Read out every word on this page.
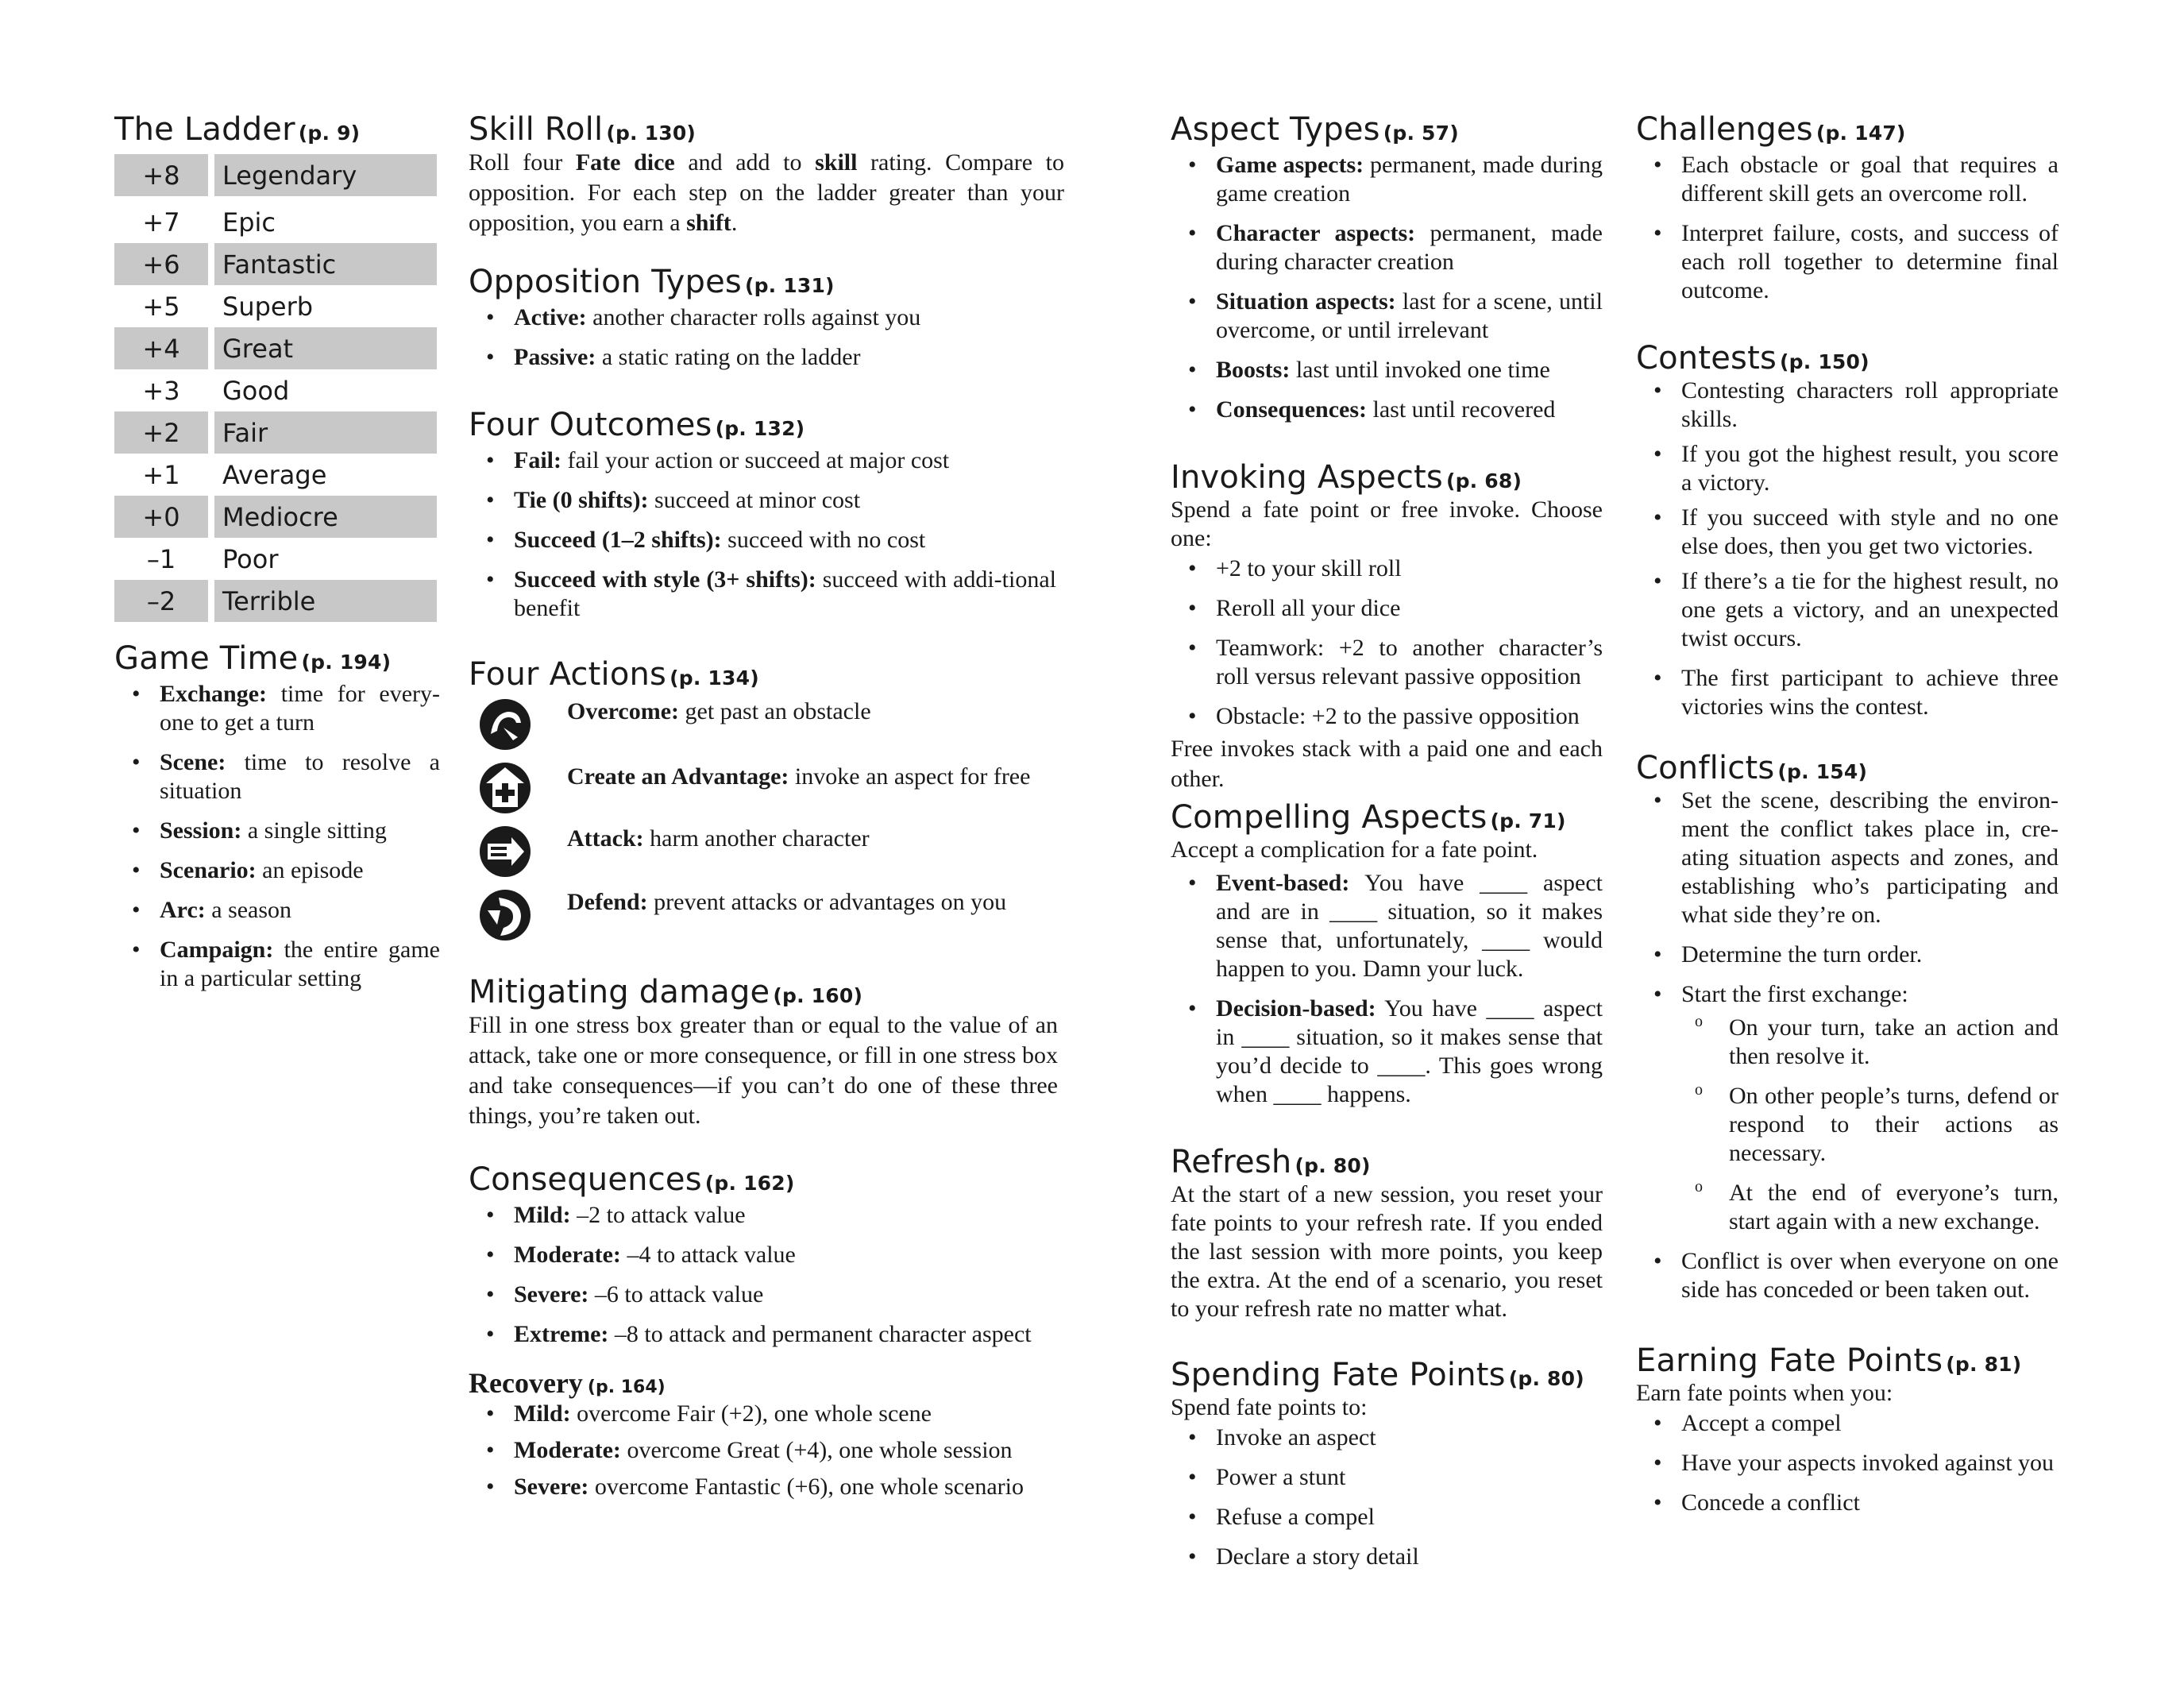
The Ladder (p. 9)
+8	Legendary
+7	Epic
+6	Fantastic
+5	Superb
+4	Great
+3	Good
+2	Fair
+1	Average
+0	Mediocre
–1	Poor
–2	Terrible
Game Time (p. 194)
• Exchange: time for every-one to get a turn
• Scene: time to resolve a situation
• Session: a single sitting
• Scenario: an episode
• Arc: a season
• Campaign: the entire game in a particular setting
Skill Roll (p. 130)
Roll four Fate dice and add to skill rating. Compare to opposition. For each step on the ladder greater than your opposition, you earn a shift.
Opposition Types (p. 131)
• Active: another character rolls against you
• Passive: a static rating on the ladder
Four Outcomes (p. 132)
• Fail: fail your action or succeed at major cost
• Tie (0 shifts): succeed at minor cost
• Succeed (1–2 shifts): succeed with no cost
• Succeed with style (3+ shifts): succeed with addi-tional benefit
Four Actions (p. 134)
Overcome: get past an obstacle
Create an Advantage: invoke an aspect for free
Attack: harm another character
Defend: prevent attacks or advantages on you
Mitigating damage (p. 160)
Fill in one stress box greater than or equal to the value of an attack, take one or more consequence, or fill in one stress box and take consequences—if you can’t do one of these three things, you’re taken out.
Consequences (p. 162)
• Mild: –2 to attack value
• Moderate: –4 to attack value
• Severe: –6 to attack value
• Extreme: –8 to attack and permanent character aspect
Recovery (p. 164)
• Mild: overcome Fair (+2), one whole scene
• Moderate: overcome Great (+4), one whole session
• Severe: overcome Fantastic (+6), one whole scenario
Aspect Types (p. 57)
• Game aspects: permanent, made during game creation
• Character aspects: permanent, made during character creation
• Situation aspects: last for a scene, until overcome, or until irrelevant
• Boosts: last until invoked one time
• Consequences: last until recovered
Invoking Aspects (p. 68)
Spend a fate point or free invoke. Choose one:
• +2 to your skill roll
• Reroll all your dice
• Teamwork: +2 to another character’s roll versus relevant passive opposition
• Obstacle: +2 to the passive opposition
Free invokes stack with a paid one and each other.
Compelling Aspects (p. 71)
Accept a complication for a fate point.
• Event-based: You have ____ aspect and are in ____ situation, so it makes sense that, unfortunately, ____ would happen to you. Damn your luck.
• Decision-based: You have ____ aspect in ____ situation, so it makes sense that you’d decide to ____. This goes wrong when ____ happens.
Refresh (p. 80)
At the start of a new session, you reset your fate points to your refresh rate. If you ended the last session with more points, you keep the extra. At the end of a scenario, you reset to your refresh rate no matter what.
Spending Fate Points (p. 80)
Spend fate points to:
• Invoke an aspect
• Power a stunt
• Refuse a compel
• Declare a story detail
Challenges (p. 147)
• Each obstacle or goal that requires a different skill gets an overcome roll.
• Interpret failure, costs, and success of each roll together to determine final outcome.
Contests (p. 150)
• Contesting characters roll appropriate skills.
• If you got the highest result, you score a victory.
• If you succeed with style and no one else does, then you get two victories.
• If there’s a tie for the highest result, no one gets a victory, and an unexpected twist occurs.
• The first participant to achieve three victories wins the contest.
Conflicts (p. 154)
• Set the scene, describing the environ-ment the conflict takes place in, cre-ating situation aspects and zones, and establishing who’s participating and what side they’re on.
• Determine the turn order.
• Start the first exchange:
o On your turn, take an action and then resolve it.
o On other people’s turns, defend or respond to their actions as necessary.
o At the end of everyone’s turn, start again with a new exchange.
• Conflict is over when everyone on one side has conceded or been taken out.
Earning Fate Points (p. 81)
Earn fate points when you:
• Accept a compel
• Have your aspects invoked against you
• Concede a conflict
